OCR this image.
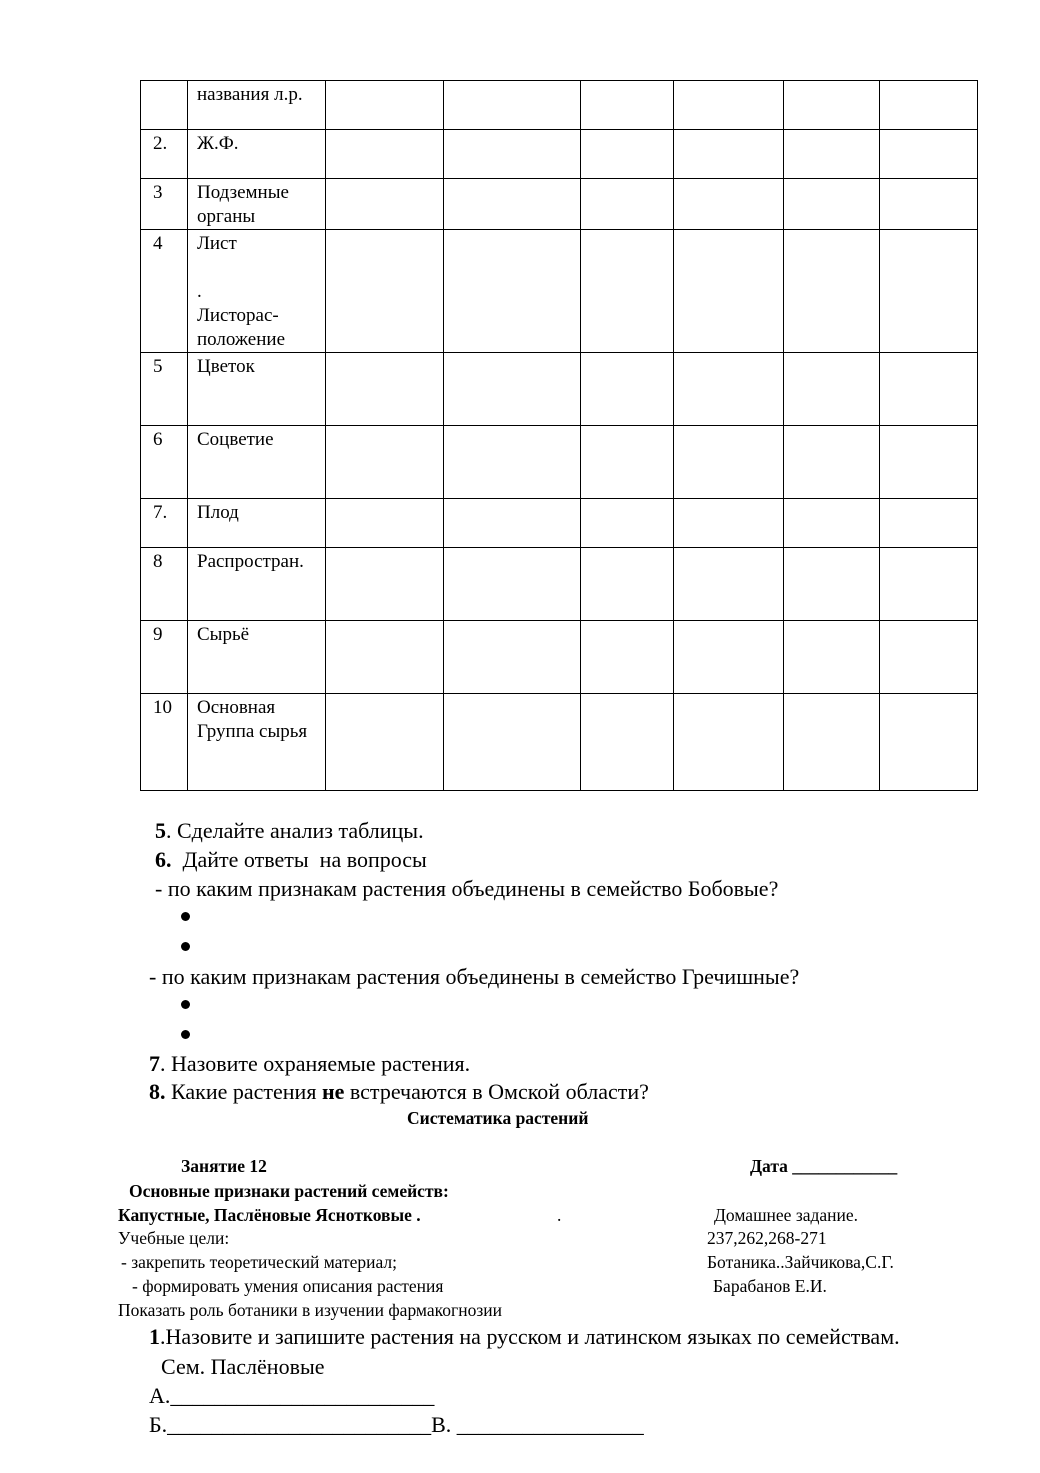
	названия л.р.						
2.	Ж.Ф.						
3	Подземные органы						
4	Лист

.
Листорас-
положение						
5	Цветок						
6	Соцветие						
7.	Плод						
8	Распростран.						
9	Сырьё						
10	Основная Группа сырья						
5. Сделайте анализ таблицы.
6.  Дайте ответы  на вопросы
- по каким признакам растения объединены в семейство Бобовые?
- по каким признакам растения объединены в семейство Гречишные?
7. Назовите охраняемые растения.
8. Какие растения не встречаются в Омской области?
Систематика растений
Занятие 12	Дата ____________
Основные признаки растений семейств:
Капустные, Паслёновые Яснотковые .	.	Домашнее задание.
Учебные цели:	237,262,268-271
- закрепить теоретический материал;	Ботаника..Зайчикова,С.Г.
- формировать умения описания растения	Барабанов Е.И.
Показать роль ботаники в изучении фармакогнозии
1.Назовите и запишите растения на русском и латинском языках по семействам.
Сем. Паслёновые
А.________________________
Б.________________________В. _________________
